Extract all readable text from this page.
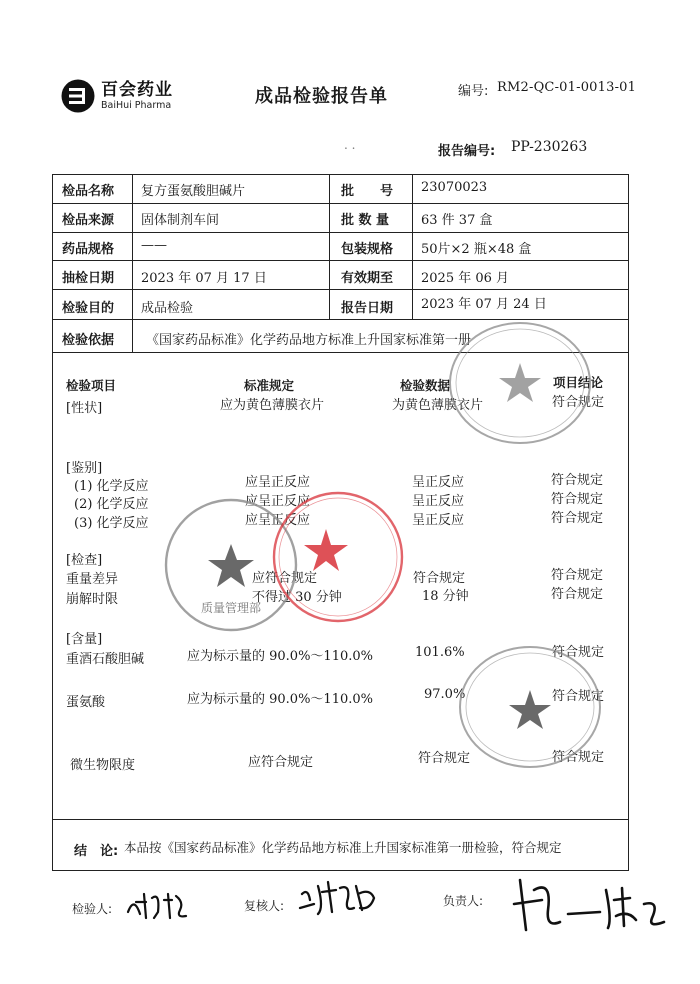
百会药业
BaiHui Pharma	成品检验报告单	编号: RM2-QC-01-0013-01
. .	报告编号: PP-230263
检品名称 复方蛋氨酸胆碱片	批　　号 23070023
检品来源 固体制剂车间	批 数 量 63 件 37 盒
药品规格 ——	包装规格 50片×2 瓶×48 盒
抽检日期 2023 年 07 月 17 日	有效期至 2025 年 06 月
检验目的 成品检验	报告日期 2023 年 07 月 24 日
检验依据 《国家药品标准》化学药品地方标准上升国家标准第一册
检验项目	标准规定	检验数据	项目结论
[性状]	应为黄色薄膜衣片	为黄色薄膜衣片	符合规定
[鉴别]
(1) 化学反应	应呈正反应	呈正反应	符合规定
(2) 化学反应	应呈正反应	呈正反应	符合规定
(3) 化学反应	应呈正反应	呈正反应	符合规定
[检查]
重量差异	应符合规定	符合规定	符合规定
崩解时限	不得过 30 分钟	18 分钟	符合规定
[含量]
重酒石酸胆碱	应为标示量的 90.0%～110.0%	101.6%	符合规定
蛋氨酸	应为标示量的 90.0%～110.0%	97.0%	符合规定
微生物限度	应符合规定	符合规定	符合规定
结　论: 本品按《国家药品标准》化学药品地方标准上升国家标准第一册检验，符合规定
检验人:	复核人:	负责人:
质量管理部
